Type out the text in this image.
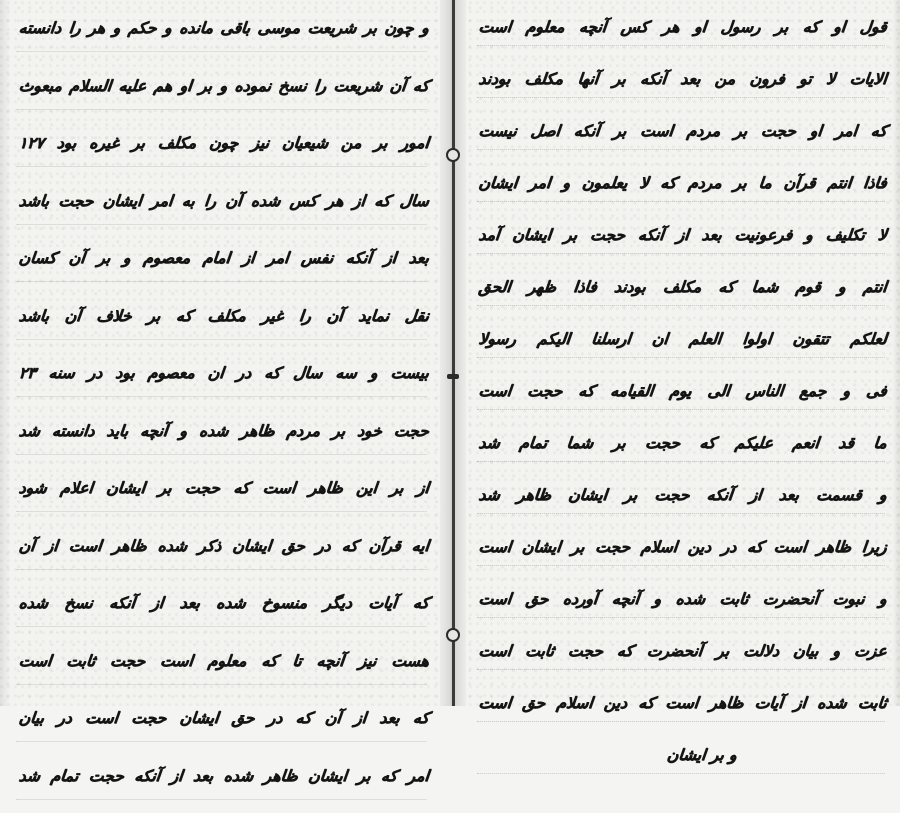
و چون بر شریعت موسی باقی مانده و حکم و هر را دانسته
که آن شریعت را نسخ نموده و بر او هم علیه السلام مبعوث
امور بر من شیعیان نیز چون مکلف بر غیره بود ۱۲۷
سال که از هر کس شده آن را به امر ایشان حجت باشد
بعد از آنکه نفس امر از امام معصوم و بر آن کسان
نقل نماید آن را غیر مکلف که بر خلاف آن باشد
بیست و سه سال که در ان معصوم بود در سنه ۲۳
حجت خود بر مردم ظاهر شده و آنچه باید دانسته شد
از بر این ظاهر است که حجت بر ایشان اعلام شود
ایه قرآن که در حق ایشان ذکر شده ظاهر است از آن
که آیات دیگر منسوخ شده بعد از آنکه نسخ شده
هست نیز آنچه تا که معلوم است حجت ثابت است
که بعد از آن که در حق ایشان حجت است در بیان
امر که بر ایشان ظاهر شده بعد از آنکه حجت تمام شد
قول او که بر رسول او هر کس آنچه معلوم است
الایات لا تو فرون من بعد آنکه بر آنها مکلف بودند
که امر او حجت بر مردم است بر آنکه اصل نیست
فاذا انتم قرآن ما بر مردم که لا یعلمون و امر ایشان
لا تکلیف و فرعونیت بعد از آنکه حجت بر ایشان آمد
انتم و قوم شما که مکلف بودند فاذا ظهر الحق
لعلکم تتقون اولوا العلم ان ارسلنا الیکم رسولا
فی و جمع الناس الی یوم القیامه که حجت است
ما قد انعم علیکم که حجت بر شما تمام شد
و قسمت بعد از آنکه حجت بر ایشان ظاهر شد
زیرا ظاهر است که در دین اسلام حجت بر ایشان است
و نبوت آنحضرت ثابت شده و آنچه آورده حق است
عزت و بیان دلالت بر آنحضرت که حجت ثابت است
ثابت شده از آیات ظاهر است که دین اسلام حق است
و بر ایشان
